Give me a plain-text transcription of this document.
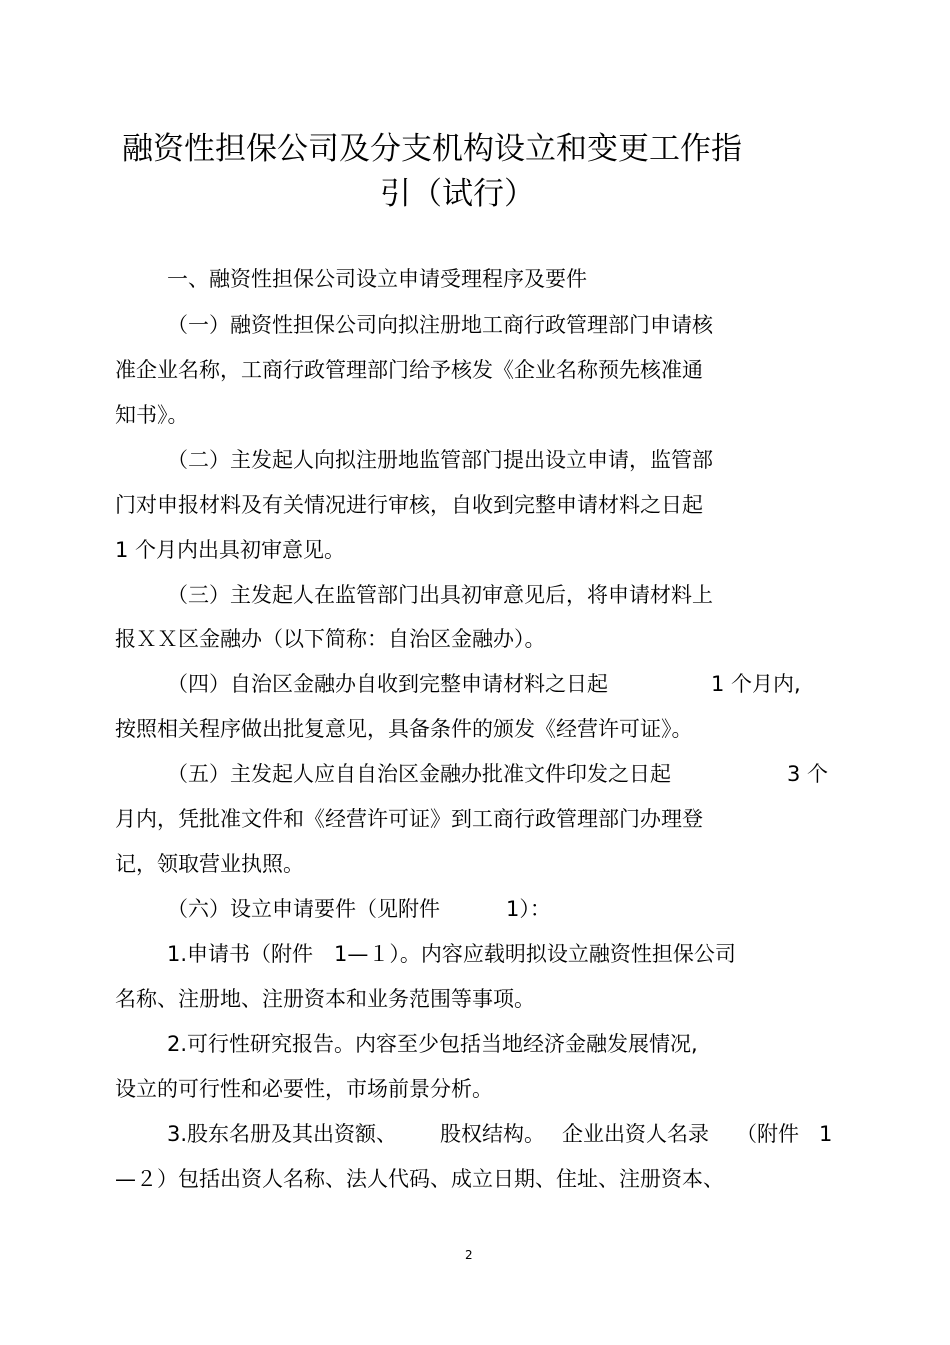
融资性担保公司及分支机构设立和变更工作指
引（试行）
一、融资性担保公司设立申请受理程序及要件
（一）融资性担保公司向拟注册地工商行政管理部门申请核
准企业名称，工商行政管理部门给予核发《企业名称预先核准通
知书》。
（二）主发起人向拟注册地监管部门提出设立申请，监管部
门对申报材料及有关情况进行审核，自收到完整申请材料之日起
1 个月内出具初审意见。
（三）主发起人在监管部门出具初审意见后，将申请材料上
报ＸＸ区金融办（以下简称：自治区金融办）。
（四）自治区金融办自收到完整申请材料之日起	1 个月内,
按照相关程序做出批复意见，具备条件的颁发《经营许可证》。
（五）主发起人应自自治区金融办批准文件印发之日起	3 个
月内，凭批准文件和《经营许可证》到工商行政管理部门办理登
记，领取营业执照。
（六）设立申请要件（见附件	1）：
1.申请书（附件　1—１）。内容应载明拟设立融资性担保公司
名称、注册地、注册资本和业务范围等事项。
2.可行性研究报告。内容至少包括当地经济金融发展情况,
设立的可行性和必要性，市场前景分析。
3.股东名册及其出资额、 股权结构。 企业出资人名录 （附件 1
—２）包括出资人名称、法人代码、成立日期、住址、注册资本、
2
